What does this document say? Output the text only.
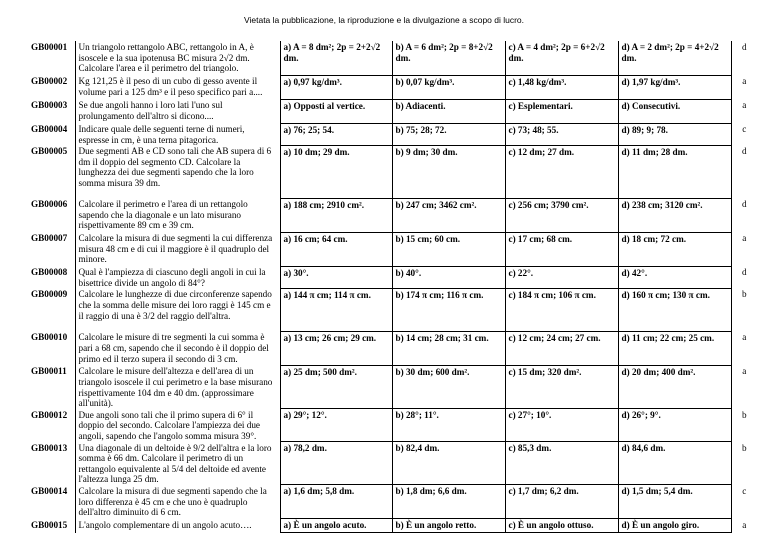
Vietata la pubblicazione, la riproduzione e la divulgazione a scopo di lucro.
GB00001	Un triangolo rettangolo ABC, rettangolo in A, è isoscele e la sua ipotenusa BC misura 2√2 dm. Calcolare l'area e il perimetro del triangolo.	a) A = 8 dm²; 2p = 2+2√2 dm.	b) A = 6 dm²; 2p = 8+2√2 dm.	c) A = 4 dm²; 2p = 6+2√2 dm.	d) A = 2 dm²; 2p = 4+2√2 dm.	d
GB00002	Kg 121,25 è il peso di un cubo di gesso avente il volume pari a 125 dm³ e il peso specifico pari a....	a) 0,97 kg/dm³.	b) 0,07 kg/dm³.	c) 1,48 kg/dm³.	d) 1,97 kg/dm³.	a
GB00003	Se due angoli hanno i loro lati l'uno sul prolungamento dell'altro si dicono....	a) Opposti al vertice.	b) Adiacenti.	c) Esplementari.	d) Consecutivi.	a
GB00004	Indicare quale delle seguenti terne di numeri, espresse in cm, è una terna pitagorica.	a) 76; 25; 54.	b) 75; 28; 72.	c) 73; 48; 55.	d) 89; 9; 78.	c
GB00005	Due segmenti AB e CD sono tali che AB supera di 6 dm il doppio del segmento CD. Calcolare la lunghezza dei due segmenti sapendo che la loro somma misura 39 dm.	a) 10 dm; 29 dm.	b) 9 dm; 30 dm.	c) 12 dm; 27 dm.	d) 11 dm; 28 dm.	d
GB00006	Calcolare il perimetro e l'area di un rettangolo sapendo che la diagonale e un lato misurano rispettivamente 89 cm e 39 cm.	a) 188 cm; 2910 cm².	b) 247 cm; 3462 cm².	c) 256 cm; 3790 cm².	d) 238 cm; 3120 cm².	d
GB00007	Calcolare la misura di due segmenti la cui differenza misura 48 cm e di cui il maggiore è il quadruplo del minore.	a) 16 cm; 64 cm.	b) 15 cm; 60 cm.	c) 17 cm; 68 cm.	d) 18 cm; 72 cm.	a
GB00008	Qual è l'ampiezza di ciascuno degli angoli in cui la bisettrice divide un angolo di 84°?	a) 30°.	b) 40°.	c) 22°.	d) 42°.	d
GB00009	Calcolare le lunghezze di due circonferenze sapendo che la somma delle misure dei loro raggi è 145 cm e il raggio di una è 3/2 del raggio dell'altra.	a) 144 π cm; 114 π cm.	b) 174 π cm; 116 π cm.	c) 184 π cm; 106 π cm.	d) 160 π cm; 130 π cm.	b
GB00010	Calcolare le misure di tre segmenti la cui somma è pari a 68 cm, sapendo che il secondo è il doppio del primo ed il terzo supera il secondo di 3 cm.	a) 13 cm; 26 cm; 29 cm.	b) 14 cm; 28 cm; 31 cm.	c) 12 cm; 24 cm; 27 cm.	d) 11 cm; 22 cm; 25 cm.	a
GB00011	Calcolare le misure dell'altezza e dell'area di un triangolo isoscele il cui perimetro e la base misurano rispettivamente 104 dm e 40 dm. (approssimare all'unità).	a) 25 dm; 500 dm².	b) 30 dm; 600 dm².	c) 15 dm; 320 dm².	d) 20 dm; 400 dm².	a
GB00012	Due angoli sono tali che il primo supera di 6° il doppio del secondo. Calcolare l'ampiezza dei due angoli, sapendo che l'angolo somma misura 39°.	a) 29°; 12°.	b) 28°; 11°.	c) 27°; 10°.	d) 26°; 9°.	b
GB00013	Una diagonale di un deltoide è 9/2 dell'altra e la loro somma è 66 dm. Calcolare il perimetro di un rettangolo equivalente al 5/4 del deltoide ed avente l'altezza lunga 25 dm.	a) 78,2 dm.	b) 82,4 dm.	c) 85,3 dm.	d) 84,6 dm.	b
GB00014	Calcolare la misura di due segmenti sapendo che la loro differenza è 45 cm e che uno è quadruplo dell'altro diminuito di 6 cm.	a) 1,6 dm; 5,8 dm.	b) 1,8 dm; 6,6 dm.	c) 1,7 dm; 6,2 dm.	d) 1,5 dm; 5,4 dm.	c
GB00015	L'angolo complementare di un angolo acuto….	a) È un angolo acuto.	b) È un angolo retto.	c) È un angolo ottuso.	d) È un angolo giro.	a
